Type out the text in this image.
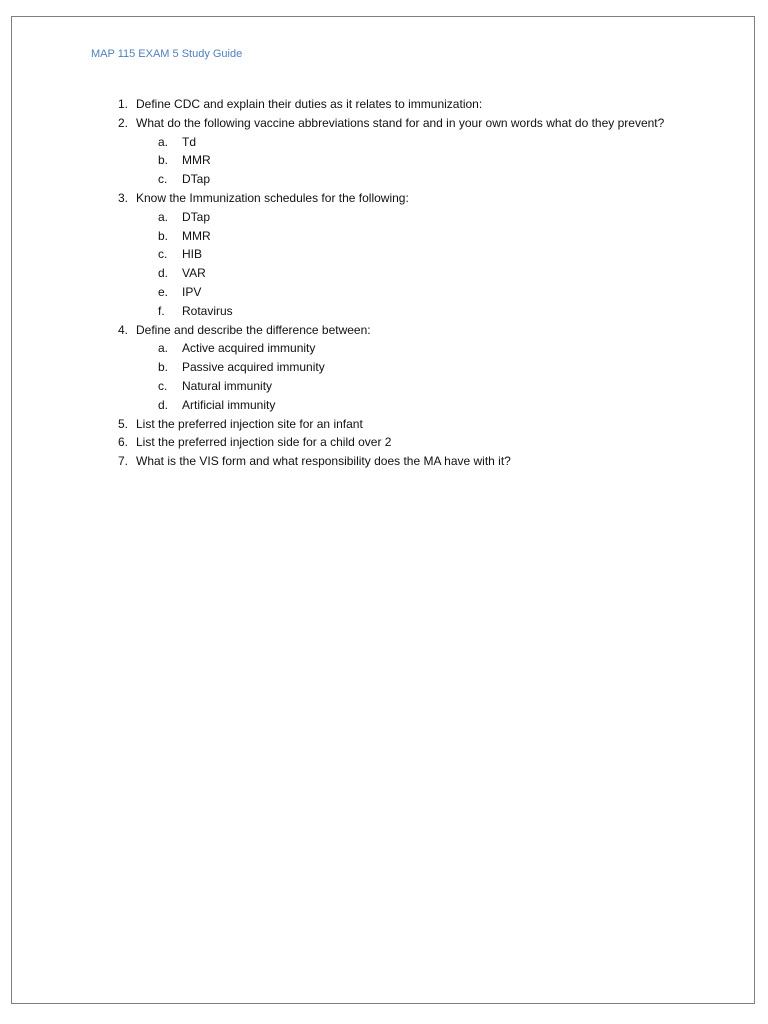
MAP 115 EXAM 5 Study Guide
1. Define CDC and explain their duties as it relates to immunization:
2. What do the following vaccine abbreviations stand for and in your own words what do they prevent?
a.	Td
b.	MMR
c.	DTap
3. Know the Immunization schedules for the following:
a.	DTap
b.	MMR
c.	HIB
d.	VAR
e.	IPV
f.	Rotavirus
4. Define and describe the difference between:
a.	Active acquired immunity
b.	Passive acquired immunity
c.	Natural immunity
d.	Artificial immunity
5. List the preferred injection site for an infant
6. List the preferred injection side for a child over 2
7. What is the VIS form and what responsibility does the MA have with it?
